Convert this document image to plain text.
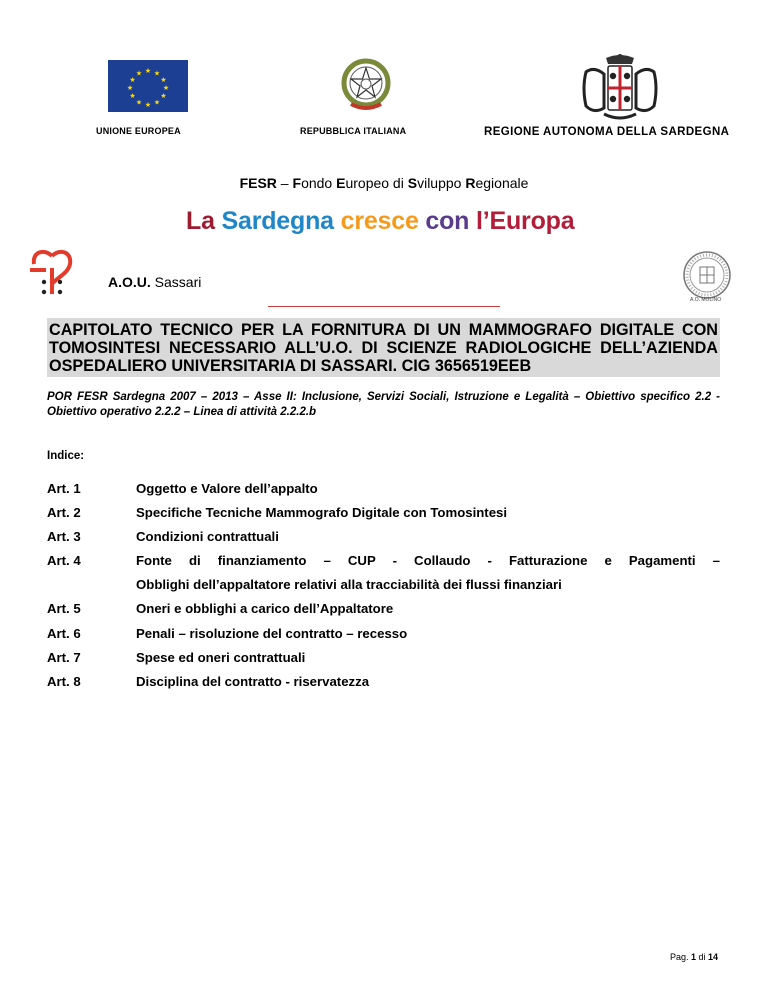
★ ★
★
★
★
★
★
★
★
★
★
★
UNIONE EUROPEA	REPUBBLICA ITALIANA	REGIONE AUTONOMA DELLA SARDEGNA
FESR – Fondo Europeo di Sviluppo Regionale
La Sardegna cresce con l’Europa
A.O.U. Sassari
A.O. MOLINO
CAPITOLATO TECNICO PER LA FORNITURA DI UN MAMMOGRAFO DIGITALE CON TOMOSINTESI NECESSARIO ALL’U.O. DI SCIENZE RADIOLOGICHE DELL’AZIENDA OSPEDALIERO UNIVERSITARIA DI SASSARI. CIG 3656519EEB
POR FESR Sardegna 2007 – 2013 – Asse II: Inclusione, Servizi Sociali, Istruzione e Legalità – Obiettivo specifico 2.2 - Obiettivo operativo 2.2.2 – Linea di attività 2.2.2.b
Indice:
Art. 1	Oggetto e Valore dell’appalto
Art. 2	Specifiche Tecniche Mammografo Digitale con Tomosintesi
Art. 3	Condizioni contrattuali
Art. 4	Fonte di finanziamento – CUP - Collaudo - Fatturazione e Pagamenti –
Obblighi dell’appaltatore relativi alla tracciabilità dei flussi finanziari
Art. 5	Oneri e obblighi a carico dell’Appaltatore
Art. 6	Penali – risoluzione del contratto – recesso
Art. 7	Spese ed oneri contrattuali
Art. 8	Disciplina del contratto - riservatezza
Pag. 1 di 14
